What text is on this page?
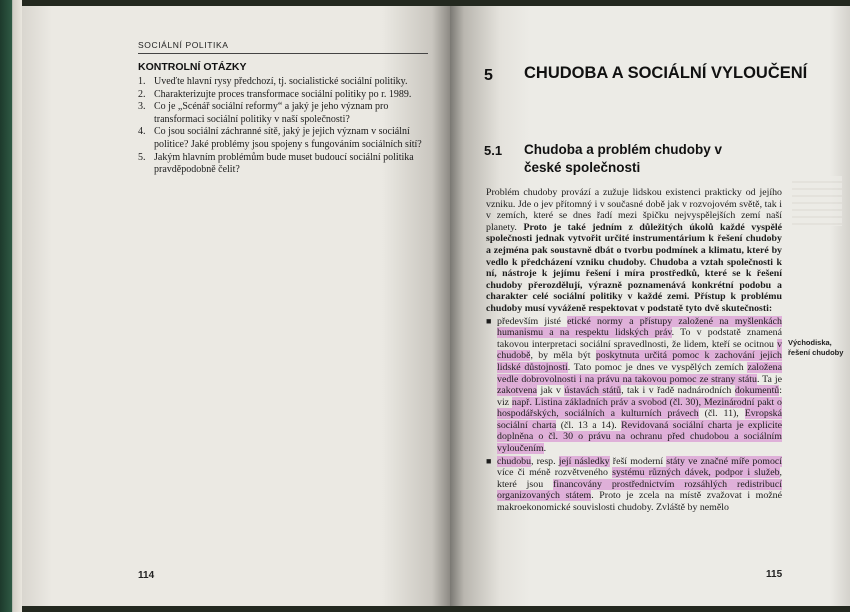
SOCIÁLNÍ POLITIKA
KONTROLNÍ OTÁZKY
1. Uveďte hlavní rysy předchozí, tj. socialistické sociální politiky.
2. Charakterizujte proces transformace sociální politiky po r. 1989.
3. Co je „Scénář sociální reformy“ a jaký je jeho význam pro transformaci sociální politiky v naší společnosti?
4. Co jsou sociální záchranné sítě, jaký je jejich význam v sociální politice? Jaké problémy jsou spojeny s fungováním sociálních sítí?
5. Jakým hlavním problémům bude muset budoucí sociální politika pravděpodobně čelit?
114
5 CHUDOBA A SOCIÁLNÍ VYLOUČENÍ
5.1 Chudoba a problém chudoby v české společnosti

Problém chudoby provází a zužuje lidskou existenci prakticky od jejího vzniku. Jde o jev přítomný i v současné době jak v rozvojovém světě, tak i v zemích, které se dnes řadí mezi špičku nejvyspělejších zemí naší planety. Proto je také jedním z důležitých úkolů každé vyspělé společnosti jednak vytvořit určité instrumentárium k řešení chudoby a zejména pak soustavně dbát o tvorbu podmínek a klimatu, které by vedlo k předcházení vzniku chudoby. Chudoba a vztah společnosti k ní, nástroje k jejímu řešení i míra prostředků, které se k řešení chudoby přerozdělují, výrazně poznamenává konkrétní podobu a charakter celé sociální politiky v každé zemi. Přístup k problému chudoby musí vyváženě respektovat v podstatě tyto dvě skutečnosti:

■ především jisté etické normy a přístupy založené na myšlenkách humanismu a na respektu lidských práv. To v podstatě znamená takovou interpretaci sociální spravedlnosti, že lidem, kteří se ocitnou v chudobě, by měla být poskytnuta určitá pomoc k zachování jejich lidské důstojnosti. Tato pomoc je dnes ve vyspělých zemích založena vedle dobrovolnosti i na právu na takovou pomoc ze strany státu. Ta je zakotvena jak v ústavách států, tak i v řadě nadnárodních dokumentů: viz např. Listina základních práv a svobod (čl. 30), Mezinárodní pakt o hospodářských, sociálních a kulturních právech (čl. 11), Evropská sociální charta (čl. 13 a 14). Revidovaná sociální charta je explicite doplněna o čl. 30 o právu na ochranu před chudobou a sociálním vyloučením.
■ chudobu, resp. její následky řeší moderní státy ve značné míře pomocí více či méně rozvětveného systému různých dávek, podpor i služeb, které jsou financovány prostřednictvím rozsáhlých redistribucí organizovaných státem. Proto je zcela na místě zvažovat i možné makroekonomické souvislosti chudoby. Zvláště by nemělo
Východiska, řešení chudoby
115
